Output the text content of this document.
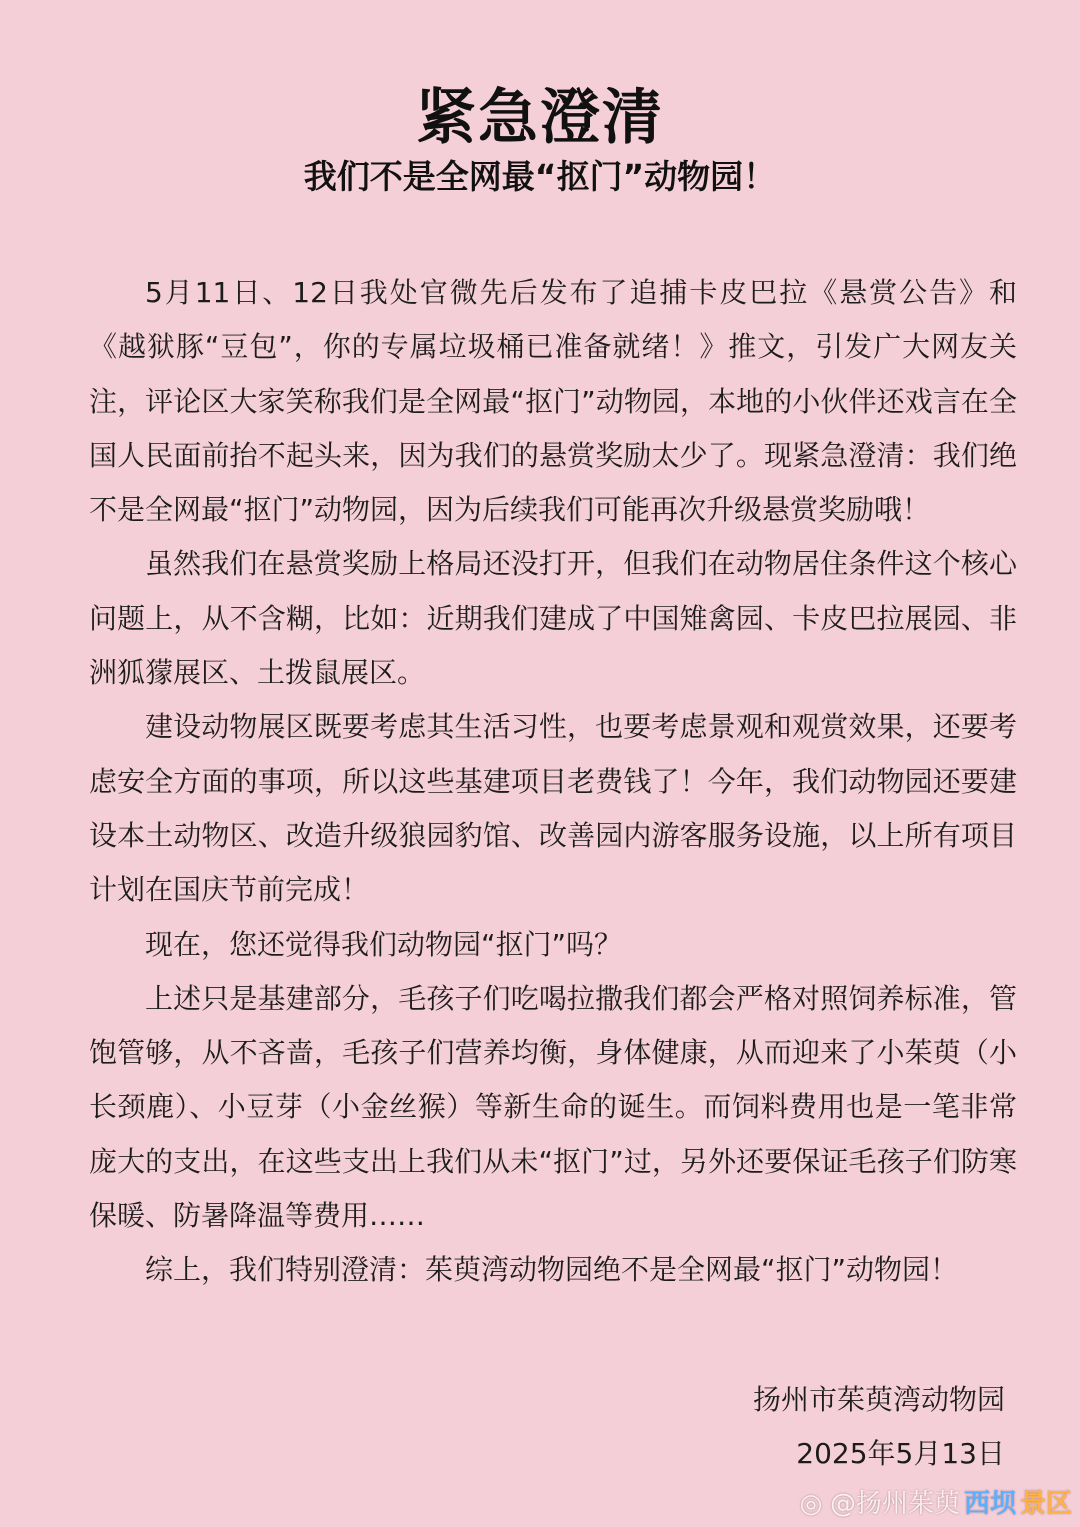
紧急澄清
我们不是全网最“抠门”动物园！

5月11日、12日我处官微先后发布了追捕卡皮巴拉《悬赏公告》和《越狱豚“豆包”，你的专属垃圾桶已准备就绪！》推文，引发广大网友关注，评论区大家笑称我们是全网最“抠门”动物园，本地的小伙伴还戏言在全国人民面前抬不起头来，因为我们的悬赏奖励太少了。现紧急澄清：我们绝不是全网最“抠门”动物园，因为后续我们可能再次升级悬赏奖励哦！

虽然我们在悬赏奖励上格局还没打开，但我们在动物居住条件这个核心问题上，从不含糊，比如：近期我们建成了中国雉禽园、卡皮巴拉展园、非洲狐獴展区、土拨鼠展区。

建设动物展区既要考虑其生活习性，也要考虑景观和观赏效果，还要考虑安全方面的事项，所以这些基建项目老费钱了！今年，我们动物园还要建设本土动物区、改造升级狼园豹馆、改善园内游客服务设施，以上所有项目计划在国庆节前完成！

现在，您还觉得我们动物园“抠门”吗？

上述只是基建部分，毛孩子们吃喝拉撒我们都会严格对照饲养标准，管饱管够，从不吝啬，毛孩子们营养均衡，身体健康，从而迎来了小茱萸（小长颈鹿）、小豆芽（小金丝猴）等新生命的诞生。而饲料费用也是一笔非常庞大的支出，在这些支出上我们从未“抠门”过，另外还要保证毛孩子们防寒保暖、防暑降温等费用……

综上，我们特别澄清：茱萸湾动物园绝不是全网最“抠门”动物园！

扬州市茱萸湾动物园
2025年5月13日
◎ @扬州茱萸 西坝 景区
